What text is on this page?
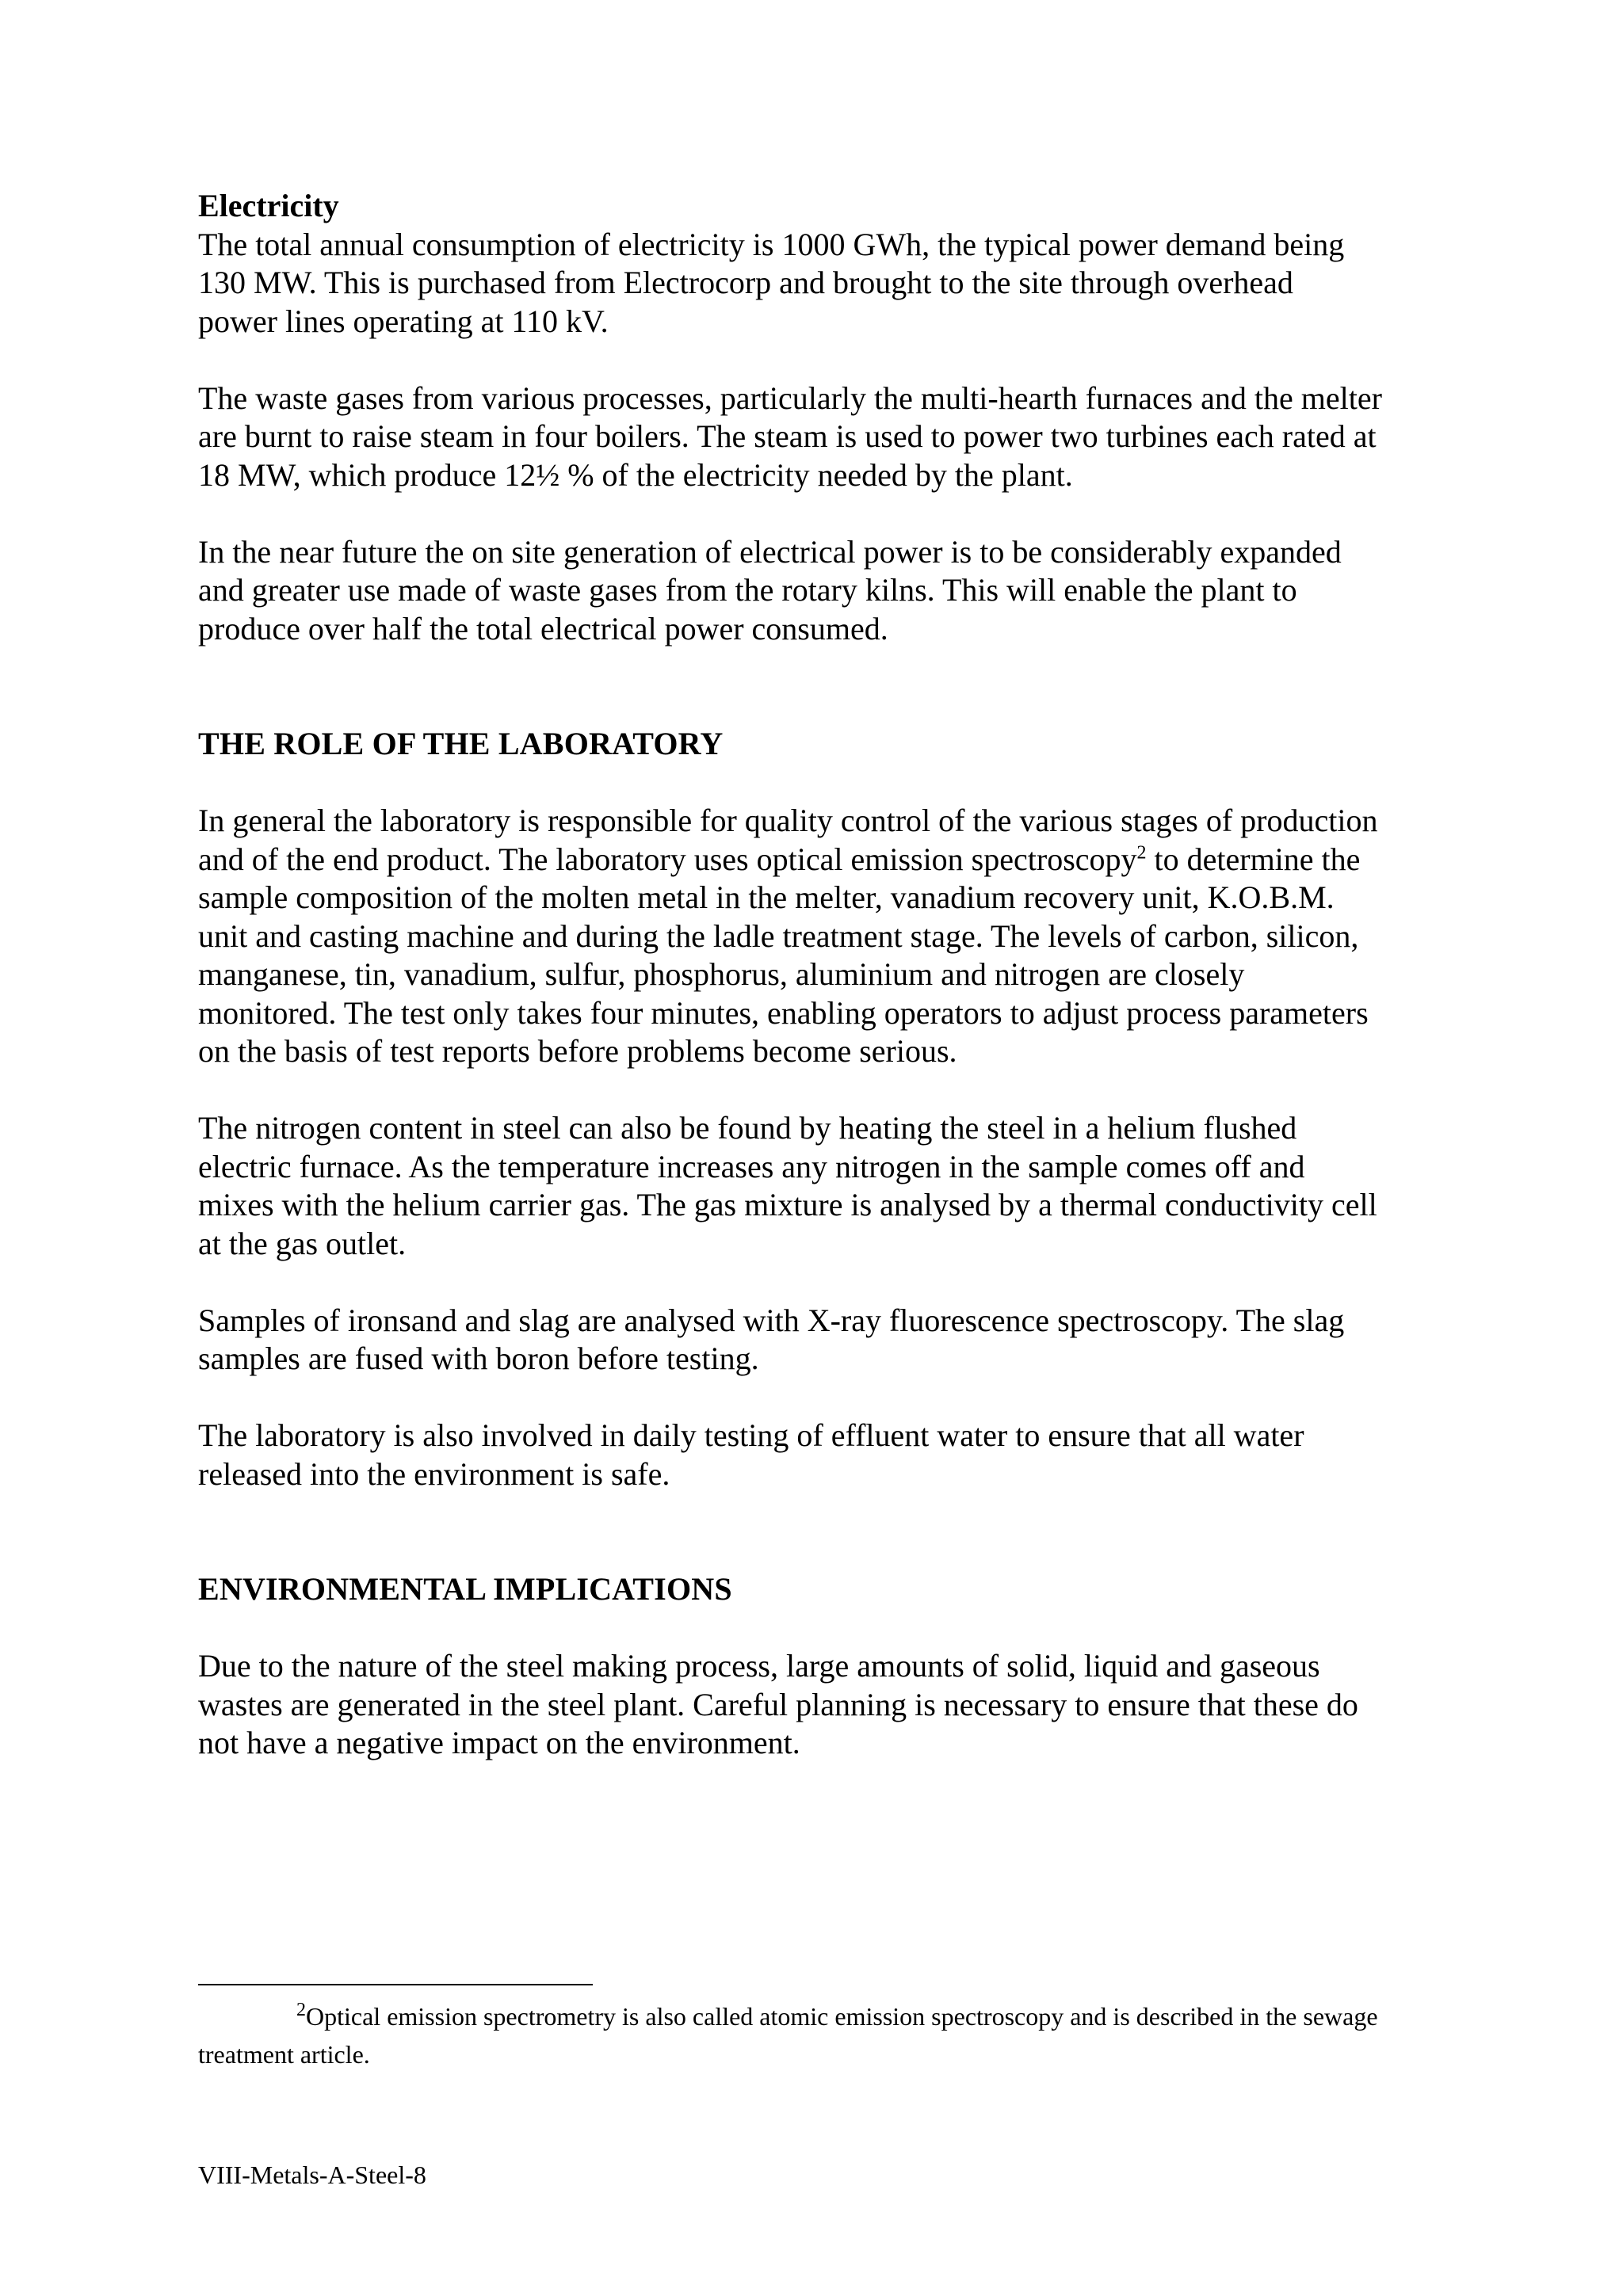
Electricity

The total annual consumption of electricity is 1000 GWh, the typical power demand being
130 MW. This is purchased from Electrocorp and brought to the site through overhead
power lines operating at 110 kV.

The waste gases from various processes, particularly the multi-hearth furnaces and the melter
are burnt to raise steam in four boilers. The steam is used to power two turbines each rated at
18 MW, which produce 12½ % of the electricity needed by the plant.

In the near future the on site generation of electrical power is to be considerably expanded
and greater use made of waste gases from the rotary kilns. This will enable the plant to
produce over half the total electrical power consumed.

THE ROLE OF THE LABORATORY

In general the laboratory is responsible for quality control of the various stages of production
and of the end product. The laboratory uses optical emission spectroscopy$^2$ to determine the
sample composition of the molten metal in the melter, vanadium recovery unit, K.O.B.M.
unit and casting machine and during the ladle treatment stage. The levels of carbon, silicon,
manganese, tin, vanadium, sulfur, phosphorus, aluminium and nitrogen are closely
monitored. The test only takes four minutes, enabling operators to adjust process parameters
on the basis of test reports before problems become serious.

The nitrogen content in steel can also be found by heating the steel in a helium flushed
electric furnace. As the temperature increases any nitrogen in the sample comes off and
mixes with the helium carrier gas. The gas mixture is analysed by a thermal conductivity cell
at the gas outlet.

Samples of ironsand and slag are analysed with X-ray fluorescence spectroscopy. The slag
samples are fused with boron before testing.

The laboratory is also involved in daily testing of effluent water to ensure that all water
released into the environment is safe.

ENVIRONMENTAL IMPLICATIONS

Due to the nature of the steel making process, large amounts of solid, liquid and gaseous
wastes are generated in the steel plant. Careful planning is necessary to ensure that these do
not have a negative impact on the environment.

$^2$Optical emission spectrometry is also called atomic emission spectroscopy and is described in the sewage
treatment article.

VIII-Metals-A-Steel-8
